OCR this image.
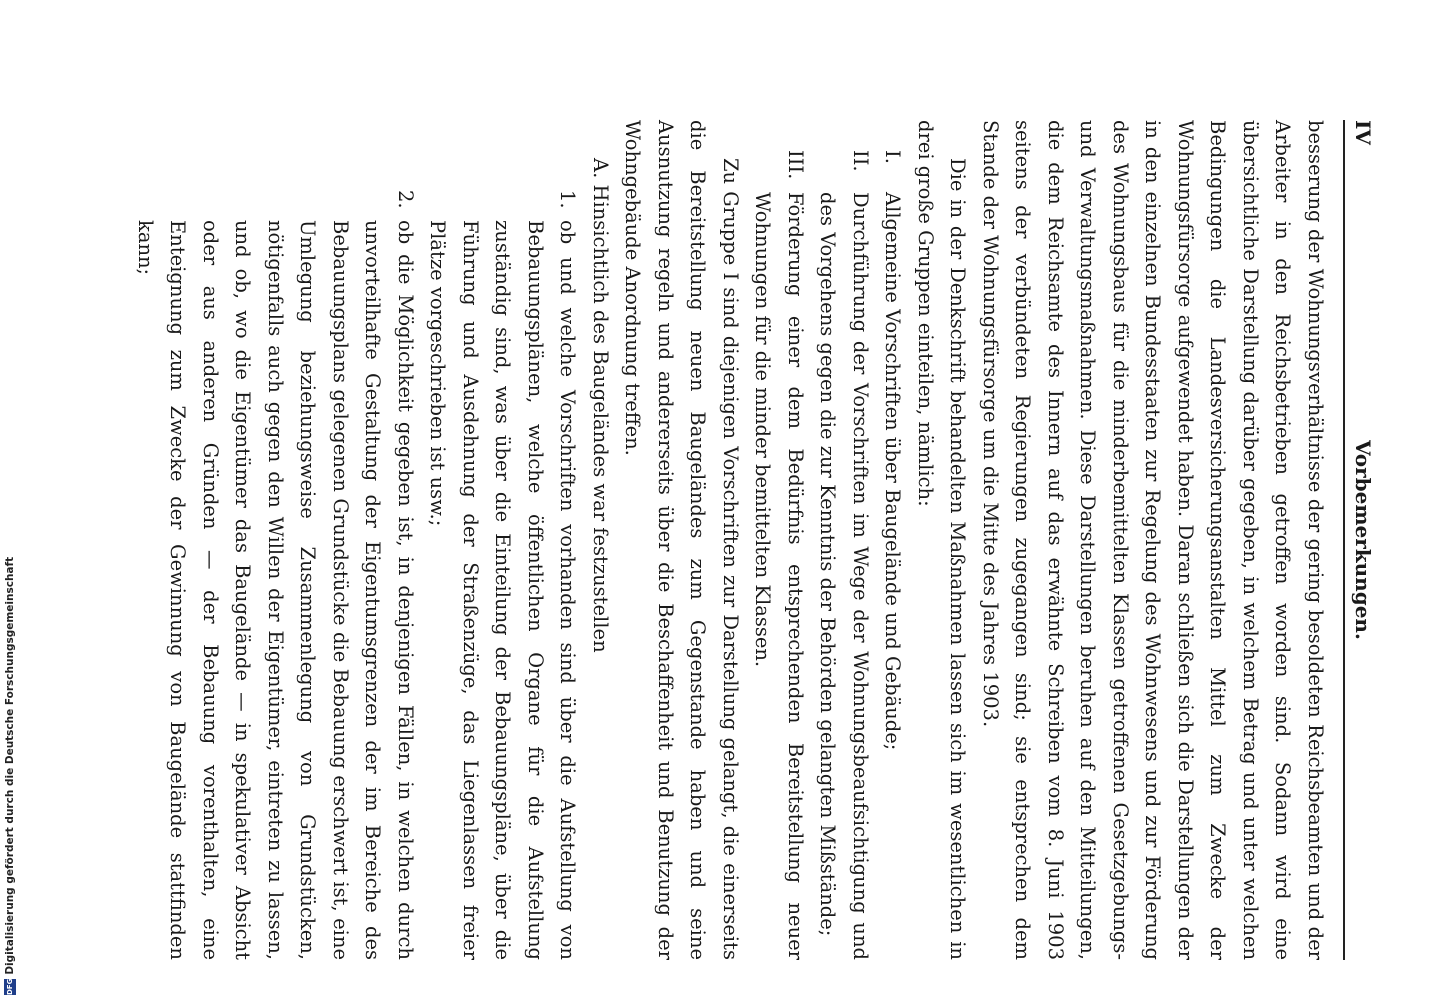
IV
Vorbemerkungen.

besserung der Wohnungsverhältnisse der gering besoldeten Reichsbeamten und der Arbeiter in den Reichsbetrieben getroffen worden sind. Sodann wird eine übersichtliche Darstellung darüber gegeben, in welchem Betrag und unter welchen Bedingungen die Landesversicherungsanstalten Mittel zum Zwecke der Wohnungsfürsorge aufgewendet haben. Daran schließen sich die Darstellungen der in den einzelnen Bundesstaaten zur Regelung des Wohnwesens und zur Förderung des Wohnungsbaus für die minderbemittelten Klassen getroffenen Gesetzgebungs- und Verwaltungsmaßnahmen. Diese Darstellungen beruhen auf den Mitteilungen, die dem Reichsamte des Innern auf das erwähnte Schreiben vom 8. Juni 1903 seitens der verbündeten Regierungen zugegangen sind; sie entsprechen dem Stande der Wohnungsfürsorge um die Mitte des Jahres 1903.

Die in der Denkschrift behandelten Maßnahmen lassen sich im wesentlichen in drei große Gruppen einteilen, nämlich:

I.
Allgemeine Vorschriften über Baugelände und Gebäude;

II.
Durchführung der Vorschriften im Wege der Wohnungsbeaufsichtigung und des Vorgehens gegen die zur Kenntnis der Behörden gelangten Mißstände;

III.
Förderung einer dem Bedürfnis entsprechenden Bereitstellung neuer Wohnungen für die minder bemittelten Klassen.

Zu Gruppe I sind diejenigen Vorschriften zur Darstellung gelangt, die einerseits die Bereitstellung neuen Baugeländes zum Gegenstande haben und seine Ausnutzung regeln und andererseits über die Beschaffenheit und Benutzung der Wohngebäude Anordnung treffen.

A. Hinsichtlich des Baugeländes war festzustellen

1.
ob und welche Vorschriften vorhanden sind über die Aufstellung von Bebauungsplänen, welche öffentlichen Organe für die Aufstellung zuständig sind, was über die Einteilung der Bebauungspläne, über die Führung und Ausdehnung der Straßenzüge, das Liegenlassen freier Plätze vorgeschrieben ist usw.;

2.
ob die Möglichkeit gegeben ist, in denjenigen Fällen, in welchen durch unvorteilhafte Gestaltung der Eigentumsgrenzen der im Bereiche des Bebauungsplans gelegenen Grundstücke die Bebauung erschwert ist, eine Umlegung beziehungsweise Zusammenlegung von Grundstücken, nötigenfalls auch gegen den Willen der Eigentümer, eintreten zu lassen, und ob, wo die Eigentümer das Baugelände — in spekulativer Absicht oder aus anderen Gründen — der Bebauung vorenthalten, eine Enteignung zum Zwecke der Gewinnung von Baugelände stattfinden kann;

DFG
Digitalisierung gefördert durch die Deutsche Forschungsgemeinschaft
